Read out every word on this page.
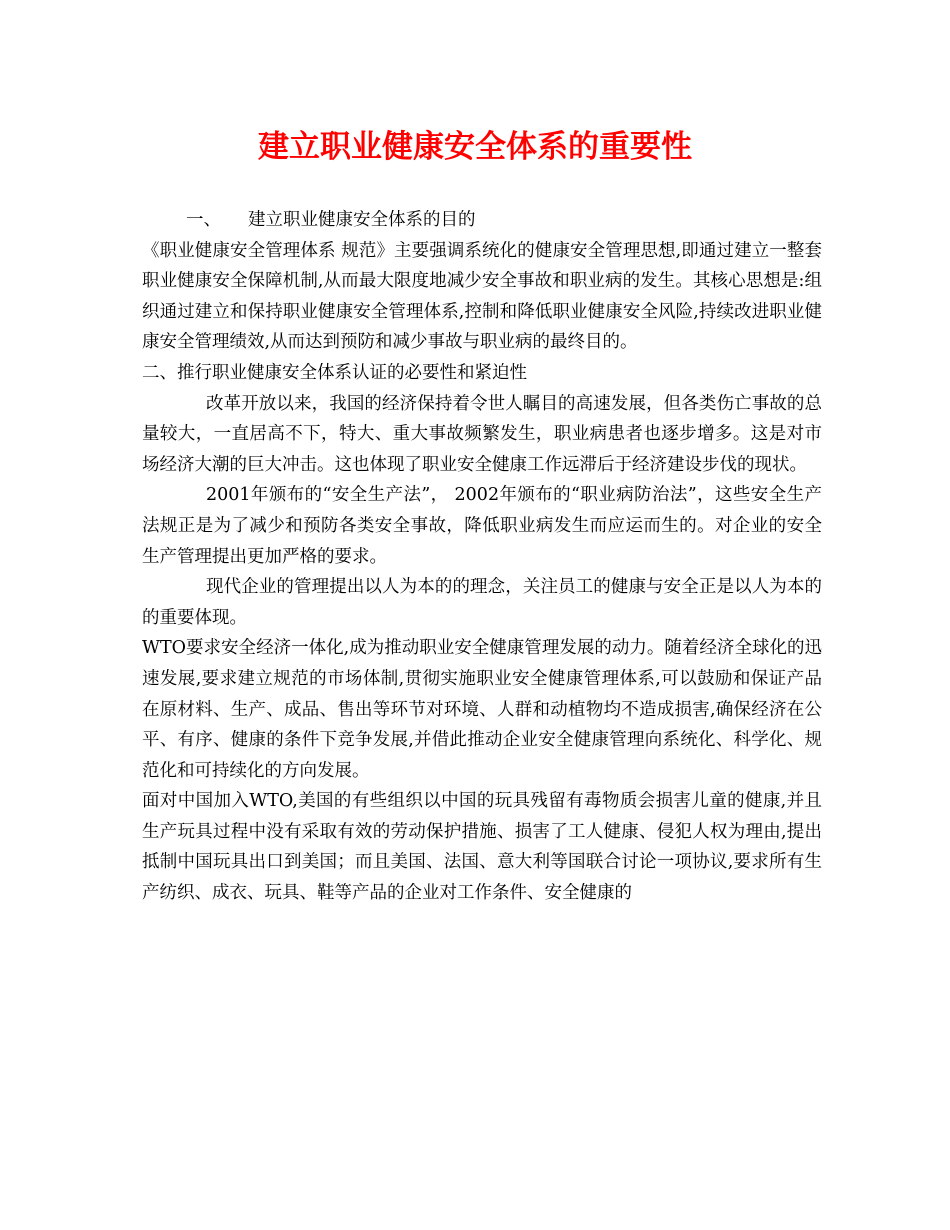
建立职业健康安全体系的重要性

一、 建立职业健康安全体系的目的

《职业健康安全管理体系 规范》主要强调系统化的健康安全管理思想,即通过建立一整套职业健康安全保障机制,从而最大限度地减少安全事故和职业病的发生。其核心思想是:组织通过建立和保持职业健康安全管理体系,控制和降低职业健康安全风险,持续改进职业健康安全管理绩效,从而达到预防和减少事故与职业病的最终目的。

二、推行职业健康安全体系认证的必要性和紧迫性

改革开放以来，我国的经济保持着令世人瞩目的高速发展，但各类伤亡事故的总量较大，一直居高不下，特大、重大事故频繁发生，职业病患者也逐步增多。这是对市场经济大潮的巨大冲击。这也体现了职业安全健康工作远滞后于经济建设步伐的现状。

2001年颁布的“安全生产法”， 2002年颁布的“职业病防治法”，这些安全生产法规正是为了减少和预防各类安全事故，降低职业病发生而应运而生的。对企业的安全生产管理提出更加严格的要求。

现代企业的管理提出以人为本的的理念，关注员工的健康与安全正是以人为本的的重要体现。

WTO要求安全经济一体化,成为推动职业安全健康管理发展的动力。随着经济全球化的迅速发展,要求建立规范的市场体制,贯彻实施职业安全健康管理体系,可以鼓励和保证产品在原材料、生产、成品、售出等环节对环境、人群和动植物均不造成损害,确保经济在公平、有序、健康的条件下竞争发展,并借此推动企业安全健康管理向系统化、科学化、规范化和可持续化的方向发展。

面对中国加入WTO,美国的有些组织以中国的玩具残留有毒物质会损害儿童的健康,并且生产玩具过程中没有采取有效的劳动保护措施、损害了工人健康、侵犯人权为理由,提出抵制中国玩具出口到美国；而且美国、法国、意大利等国联合讨论一项协议,要求所有生产纺织、成衣、玩具、鞋等产品的企业对工作条件、安全健康的
